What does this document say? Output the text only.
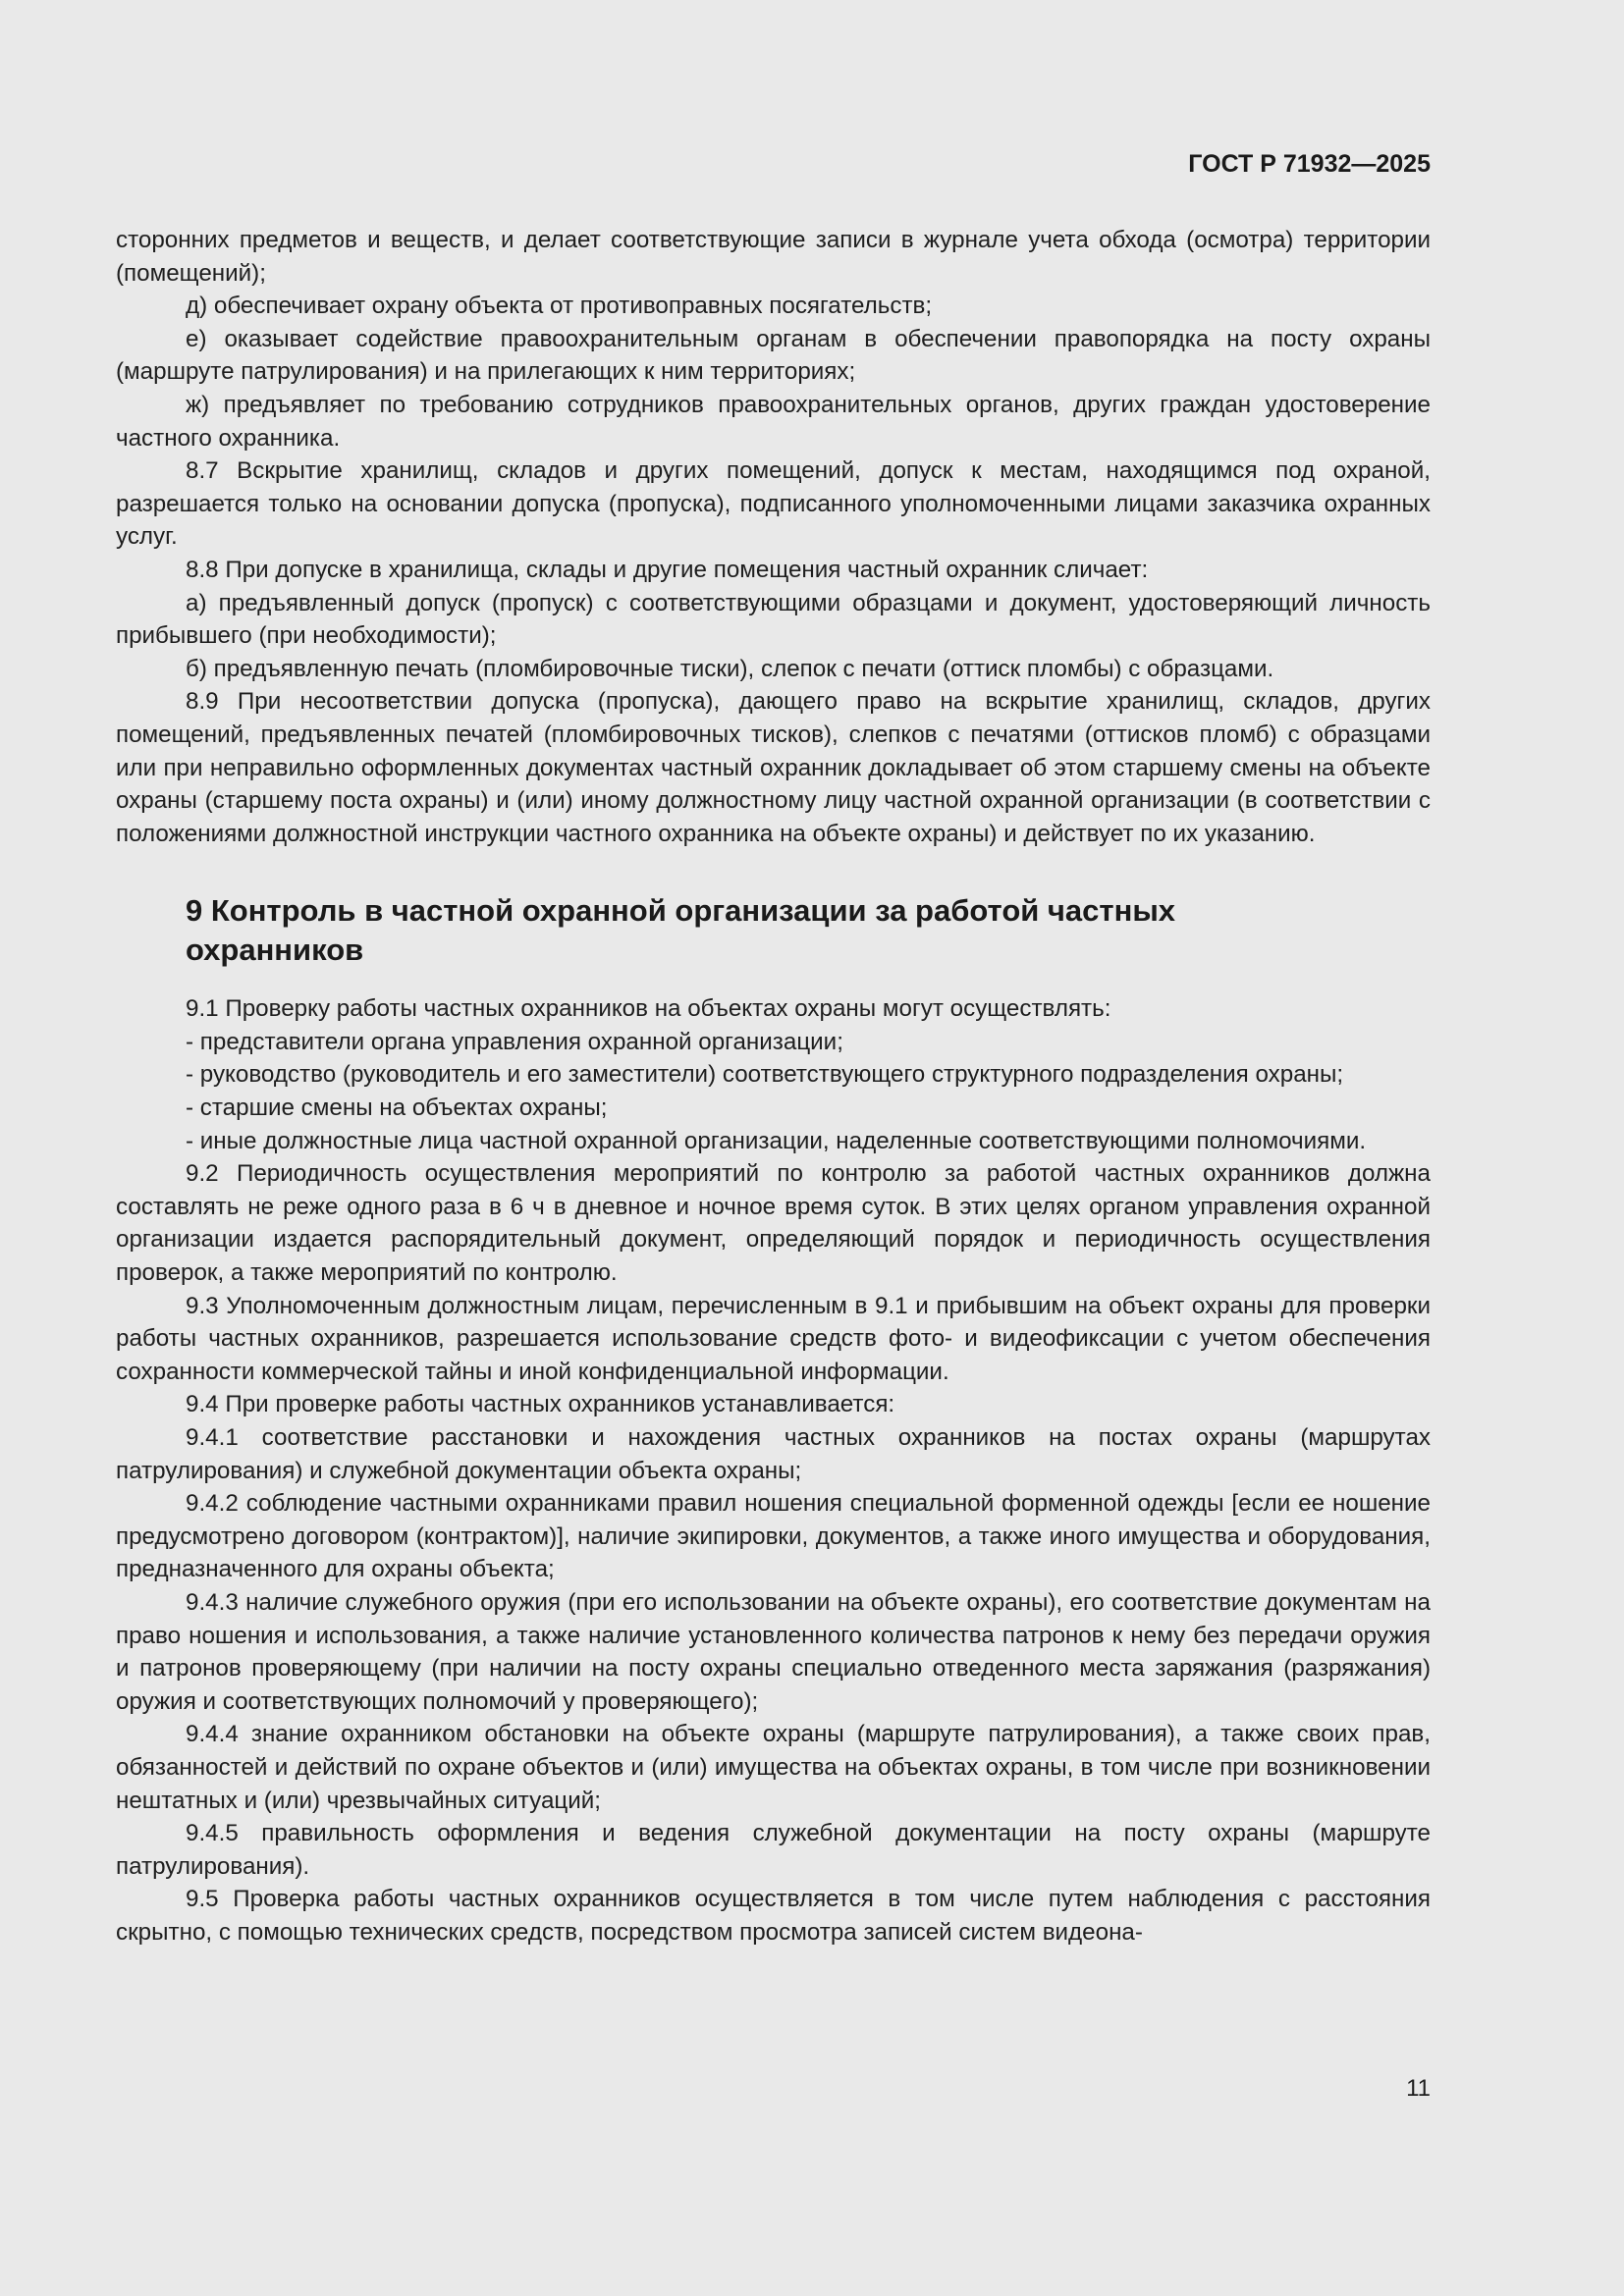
ГОСТ Р 71932—2025

сторонних предметов и веществ, и делает соответствующие записи в журнале учета обхода (осмотра) территории (помещений);

д) обеспечивает охрану объекта от противоправных посягательств;

е) оказывает содействие правоохранительным органам в обеспечении правопорядка на посту охраны (маршруте патрулирования) и на прилегающих к ним территориях;

ж) предъявляет по требованию сотрудников правоохранительных органов, других граждан удостоверение частного охранника.

8.7 Вскрытие хранилищ, складов и других помещений, допуск к местам, находящимся под охраной, разрешается только на основании допуска (пропуска), подписанного уполномоченными лицами заказчика охранных услуг.

8.8 При допуске в хранилища, склады и другие помещения частный охранник сличает:

а) предъявленный допуск (пропуск) с соответствующими образцами и документ, удостоверяющий личность прибывшего (при необходимости);

б) предъявленную печать (пломбировочные тиски), слепок с печати (оттиск пломбы) с образцами.

8.9 При несоответствии допуска (пропуска), дающего право на вскрытие хранилищ, складов, других помещений, предъявленных печатей (пломбировочных тисков), слепков с печатями (оттисков пломб) с образцами или при неправильно оформленных документах частный охранник докладывает об этом старшему смены на объекте охраны (старшему поста охраны) и (или) иному должностному лицу частной охранной организации (в соответствии с положениями должностной инструкции частного охранника на объекте охраны) и действует по их указанию.

9 Контроль в частной охранной организации за работой частных охранников

9.1 Проверку работы частных охранников на объектах охраны могут осуществлять:

- представители органа управления охранной организации;

- руководство (руководитель и его заместители) соответствующего структурного подразделения охраны;

- старшие смены на объектах охраны;

- иные должностные лица частной охранной организации, наделенные соответствующими полномочиями.

9.2 Периодичность осуществления мероприятий по контролю за работой частных охранников должна составлять не реже одного раза в 6 ч в дневное и ночное время суток. В этих целях органом управления охранной организации издается распорядительный документ, определяющий порядок и периодичность осуществления проверок, а также мероприятий по контролю.

9.3 Уполномоченным должностным лицам, перечисленным в 9.1 и прибывшим на объект охраны для проверки работы частных охранников, разрешается использование средств фото- и видеофиксации с учетом обеспечения сохранности коммерческой тайны и иной конфиденциальной информации.

9.4 При проверке работы частных охранников устанавливается:

9.4.1 соответствие расстановки и нахождения частных охранников на постах охраны (маршрутах патрулирования) и служебной документации объекта охраны;

9.4.2 соблюдение частными охранниками правил ношения специальной форменной одежды [если ее ношение предусмотрено договором (контрактом)], наличие экипировки, документов, а также иного имущества и оборудования, предназначенного для охраны объекта;

9.4.3 наличие служебного оружия (при его использовании на объекте охраны), его соответствие документам на право ношения и использования, а также наличие установленного количества патронов к нему без передачи оружия и патронов проверяющему (при наличии на посту охраны специально отведенного места заряжания (разряжания) оружия и соответствующих полномочий у проверяющего);

9.4.4 знание охранником обстановки на объекте охраны (маршруте патрулирования), а также своих прав, обязанностей и действий по охране объектов и (или) имущества на объектах охраны, в том числе при возникновении нештатных и (или) чрезвычайных ситуаций;

9.4.5 правильность оформления и ведения служебной документации на посту охраны (маршруте патрулирования).

9.5 Проверка работы частных охранников осуществляется в том числе путем наблюдения с расстояния скрытно, с помощью технических средств, посредством просмотра записей систем видеона-

11
